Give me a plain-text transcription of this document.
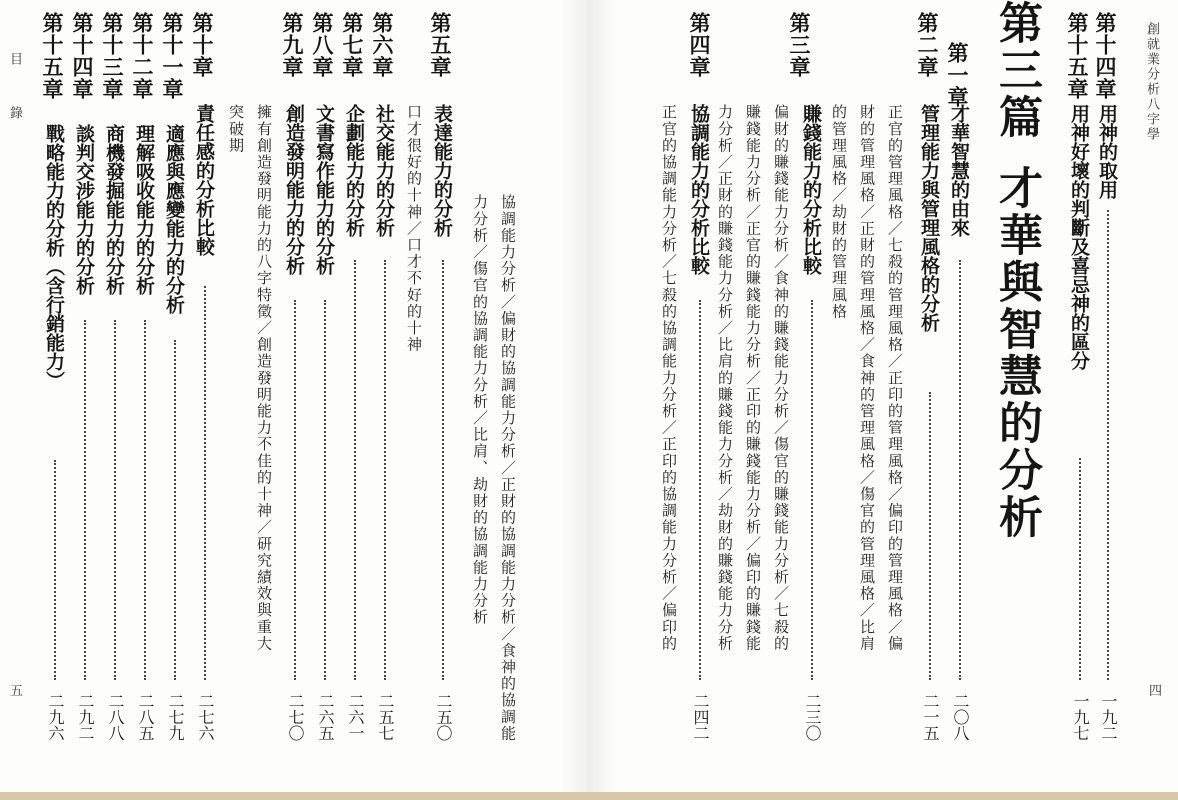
創就業分析八字學
四
第十四章
用神的取用
一九二
第十五章
用神好壞的判斷及喜忌神的區分
一九七
第三篇
才華與智慧的分析
第一章
才華智慧的由來
二〇八
第二章
管理能力與管理風格的分析
二一五
正官的管理風格／七殺的管理風格／正印的管理風格／偏印的管理風格／偏
財的管理風格／正財的管理風格／食神的管理風格／傷官的管理風格／比肩
的管理風格／劫財的管理風格
第三章
賺錢能力的分析比較
二三〇
偏財的賺錢能力分析／食神的賺錢能力分析／傷官的賺錢能力分析／七殺的
賺錢能力分析／正官的賺錢能力分析／正印的賺錢能力分析／偏印的賺錢能
力分析／正財的賺錢能力分析／比肩的賺錢能力分析／劫財的賺錢能力分析
第四章
協調能力的分析比較
二四二
正官的協調能力分析／七殺的協調能力分析／正印的協調能力分析／偏印的
目　錄
五	協調能力分析／偏財的協調能力分析／正財的協調能力分析／食神的協調能
力分析／傷官的協調能力分析／比肩、劫財的協調能力分析
第五章
表達能力的分析
二五〇
口才很好的十神／口才不好的十神
第六章
社交能力的分析
二五七
第七章
企劃能力的分析
二六一
第八章
文書寫作能力的分析
二六五
第九章
創造發明能力的分析
二七〇
擁有創造發明能力的八字特徵／創造發明能力不佳的十神／研究績效與重大
突破期
第十章
責任感的分析比較
二七六
第十一章
適應與應變能力的分析
二七九
第十二章
理解吸收能力的分析
二八五
第十三章
商機發掘能力的分析
二八八
第十四章
談判交涉能力的分析
二九二
第十五章
戰略能力的分析（含行銷能力）
二九六
